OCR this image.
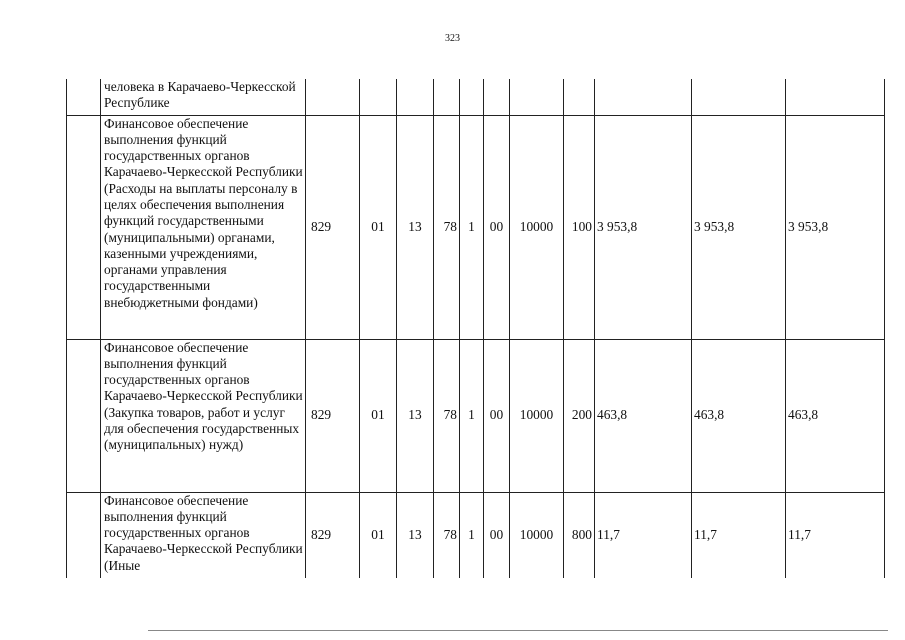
323
	человека в Карачаево-Черкесской Республике											
	Финансовое обеспечение выполнения функций государственных органов Карачаево-Черкесской Республики (Расходы на выплаты персоналу в целях обеспечения выполнения функций государственными (муниципальными) органами, казенными учреждениями, органами управления государственными внебюджетными фондами)	829	01	13	78	1	00	10000	100	3 953,8	3 953,8	3 953,8
	Финансовое обеспечение выполнения функций государственных органов Карачаево-Черкесской Республики (Закупка товаров, работ и услуг для обеспечения государственных (муниципальных) нужд)	829	01	13	78	1	00	10000	200	463,8	463,8	463,8
	Финансовое обеспечение выполнения функций государственных органов Карачаево-Черкесской Республики (Иные	829	01	13	78	1	00	10000	800	11,7	11,7	11,7
